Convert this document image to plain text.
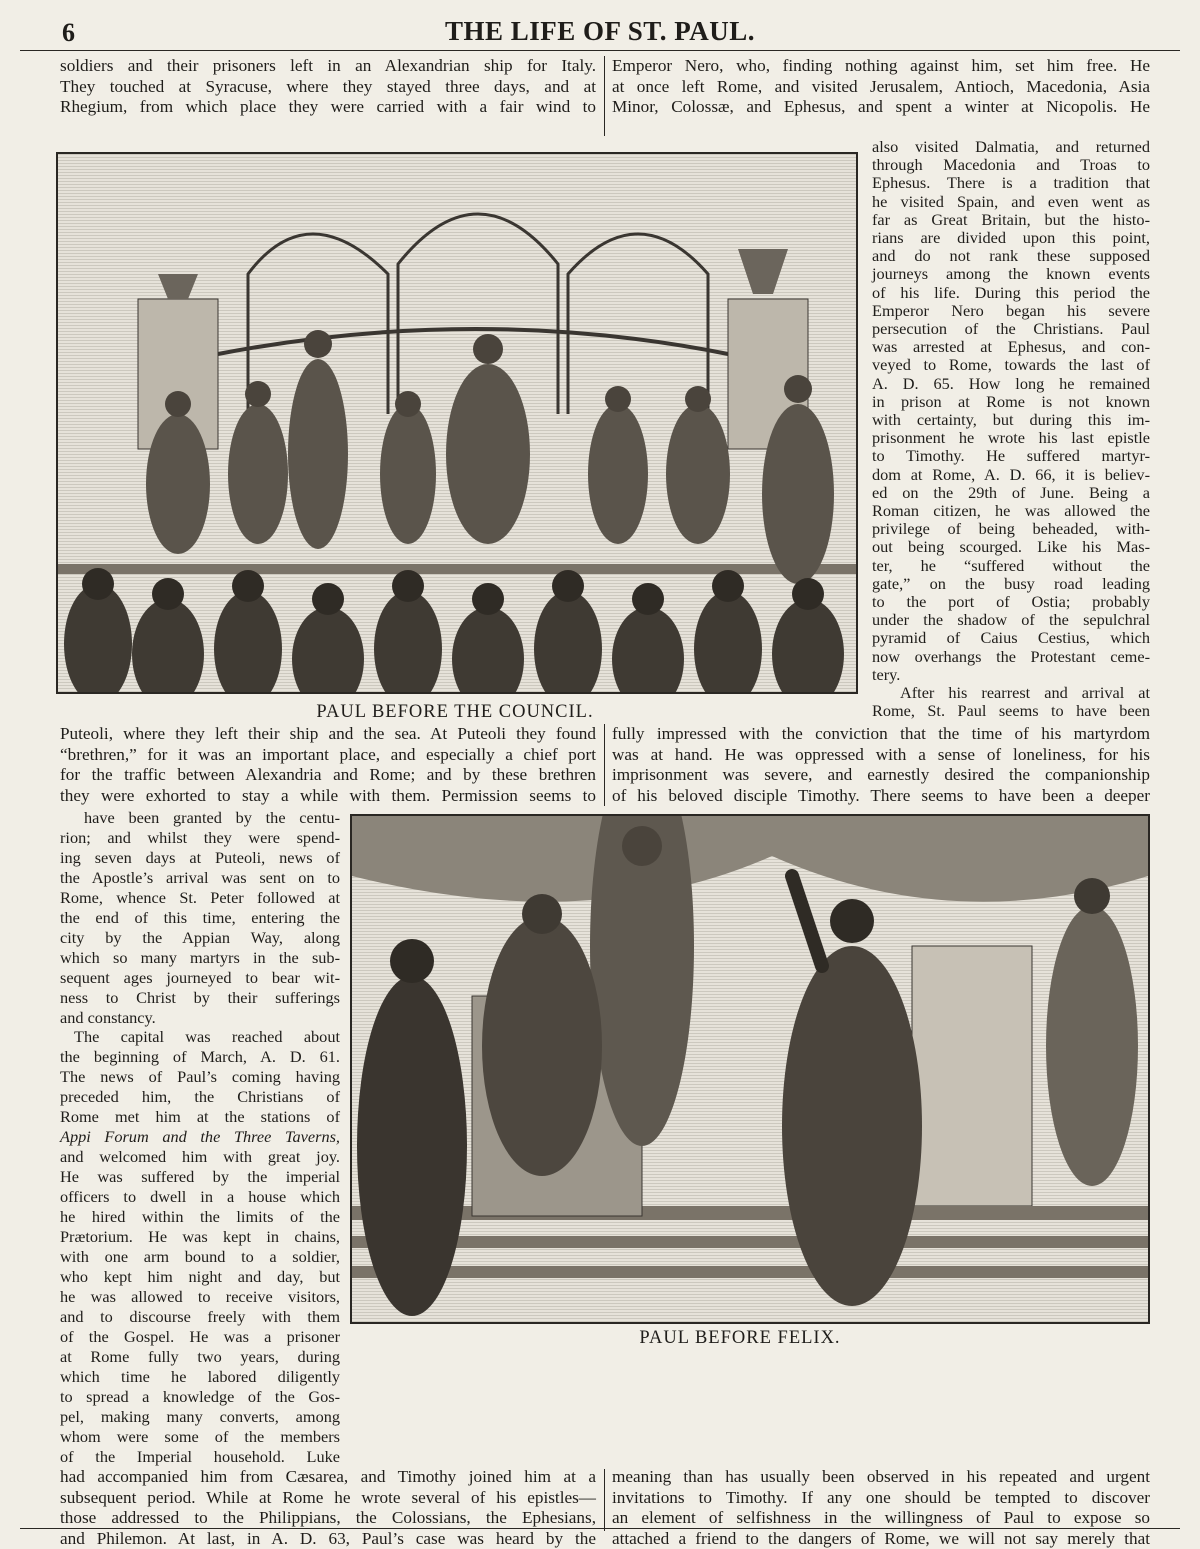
6	THE LIFE OF ST. PAUL.
soldiers and their prisoners left in an Alexandrian ship for Italy.
They touched at Syracuse, where they stayed three days, and at
Rhegium, from which place they were carried with a fair wind to
Emperor Nero, who, finding nothing against him, set him free. He
at once left Rome, and visited Jerusalem, Antioch, Macedonia, Asia
Minor, Colossæ, and Ephesus, and spent a winter at Nicopolis. He
PAUL BEFORE THE COUNCIL.
also visited Dalmatia, and returned
through Macedonia and Troas to
Ephesus. There is a tradition that
he visited Spain, and even went as
far as Great Britain, but the histo-
rians are divided upon this point,
and do not rank these supposed
journeys among the known events
of his life. During this period the
Emperor Nero began his severe
persecution of the Christians. Paul
was arrested at Ephesus, and con-
veyed to Rome, towards the last of
A. D. 65. How long he remained
in prison at Rome is not known
with certainty, but during this im-
prisonment he wrote his last epistle
to Timothy. He suffered martyr-
dom at Rome, A. D. 66, it is believ-
ed on the 29th of June. Being a
Roman citizen, he was allowed the
privilege of being beheaded, with-
out being scourged. Like his Mas-
ter, he “suffered without the
gate,” on the busy road leading
to the port of Ostia; probably
under the shadow of the sepulchral
pyramid of Caius Cestius, which
now overhangs the Protestant ceme-
tery.
After his rearrest and arrival at
Rome, St. Paul seems to have been
Puteoli, where they left their ship and the sea. At Puteoli they found
“brethren,” for it was an important place, and especially a chief port
for the traffic between Alexandria and Rome; and by these brethren
they were exhorted to stay a while with them. Permission seems to
fully impressed with the conviction that the time of his martyrdom
was at hand. He was oppressed with a sense of loneliness, for his
imprisonment was severe, and earnestly desired the companionship
of his beloved disciple Timothy. There seems to have been a deeper
have been granted by the centu-
rion; and whilst they were spend-
ing seven days at Puteoli, news of
the Apostle’s arrival was sent on to
Rome, whence St. Peter followed at
the end of this time, entering the
city by the Appian Way, along
which so many martyrs in the sub-
sequent ages journeyed to bear wit-
ness to Christ by their sufferings
and constancy.
The capital was reached about
the beginning of March, A. D. 61.
The news of Paul’s coming having
preceded him, the Christians of
Rome met him at the stations of
Appi Forum and the Three Taverns,
and welcomed him with great joy.
He was suffered by the imperial
officers to dwell in a house which
he hired within the limits of the
Prætorium. He was kept in chains,
with one arm bound to a soldier,
who kept him night and day, but
he was allowed to receive visitors,
and to discourse freely with them
of the Gospel. He was a prisoner
at Rome fully two years, during
which time he labored diligently
to spread a knowledge of the Gos-
pel, making many converts, among
whom were some of the members
of the Imperial household. Luke
PAUL BEFORE FELIX.
had accompanied him from Cæsarea, and Timothy joined him at a
subsequent period. While at Rome he wrote several of his epistles—
those addressed to the Philippians, the Colossians, the Ephesians,
and Philemon. At last, in A. D. 63, Paul’s case was heard by the
meaning than has usually been observed in his repeated and urgent
invitations to Timothy. If any one should be tempted to discover
an element of selfishness in the willingness of Paul to expose so
attached a friend to the dangers of Rome, we will not say merely that
